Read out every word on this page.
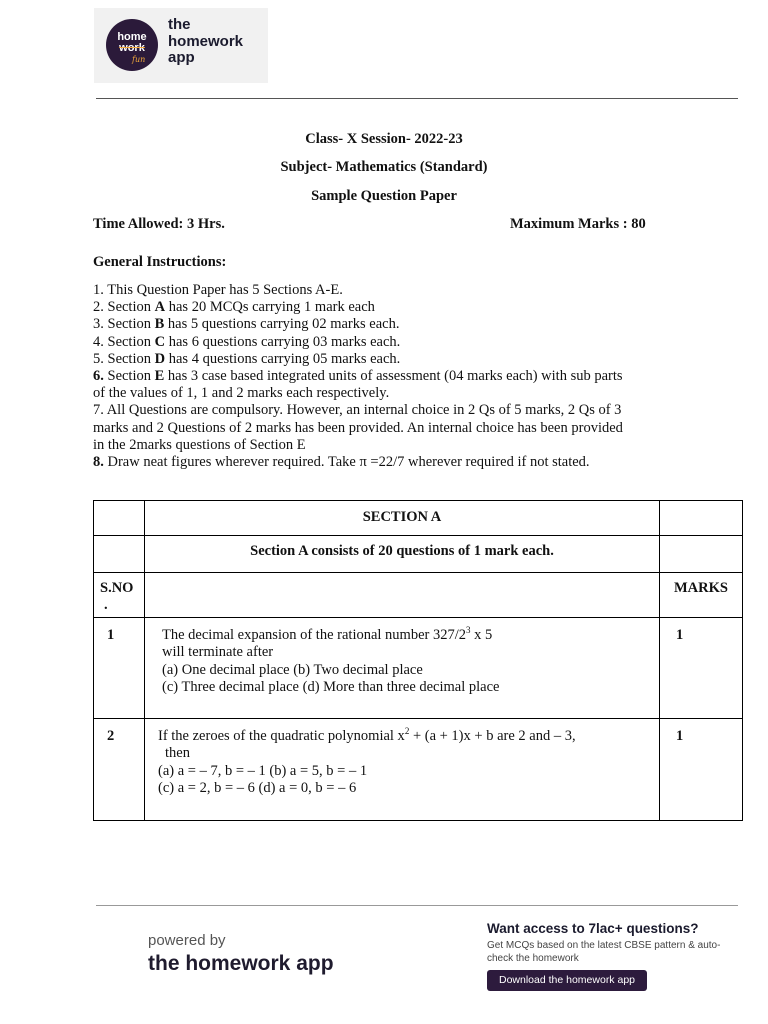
home
work
fun
the
homework
app
Class- X Session- 2022-23
Subject- Mathematics (Standard)
Sample Question Paper
Time Allowed: 3 Hrs.	Maximum Marks : 80
General Instructions:
1. This Question Paper has 5 Sections A-E.
2. Section A has 20 MCQs carrying 1 mark each
3. Section B has 5 questions carrying 02 marks each.
4. Section C has 6 questions carrying 03 marks each.
5. Section D has 4 questions carrying 05 marks each.
6. Section E has 3 case based integrated units of assessment (04 marks each) with sub parts
of the values of 1, 1 and 2 marks each respectively.
7. All Questions are compulsory. However, an internal choice in 2 Qs of 5 marks, 2 Qs of 3
marks and 2 Questions of 2 marks has been provided. An internal choice has been provided
in the 2marks questions of Section E
8. Draw neat figures wherever required. Take π =22/7 wherever required if not stated.
	SECTION A	
	Section A consists of 20 questions of 1 mark each.	
S.NO
.		MARKS
1	The decimal expansion of the rational number $327/2^3$ x 5
will terminate after
(a) One decimal place (b) Two decimal place
(c) Three decimal place (d) More than three decimal place	1
2	If the zeroes of the quadratic polynomial $x^2 + (a + 1)x + b$ are 2 and – 3,
then
(a) a = – 7, b = – 1 (b) a = 5, b = – 1
(c) a = 2, b = – 6 (d) a = 0, b = – 6	1
powered by
the homework app
Want access to 7lac+ questions?
Get MCQs based on the latest CBSE pattern & auto-check the homework
Download the homework app
